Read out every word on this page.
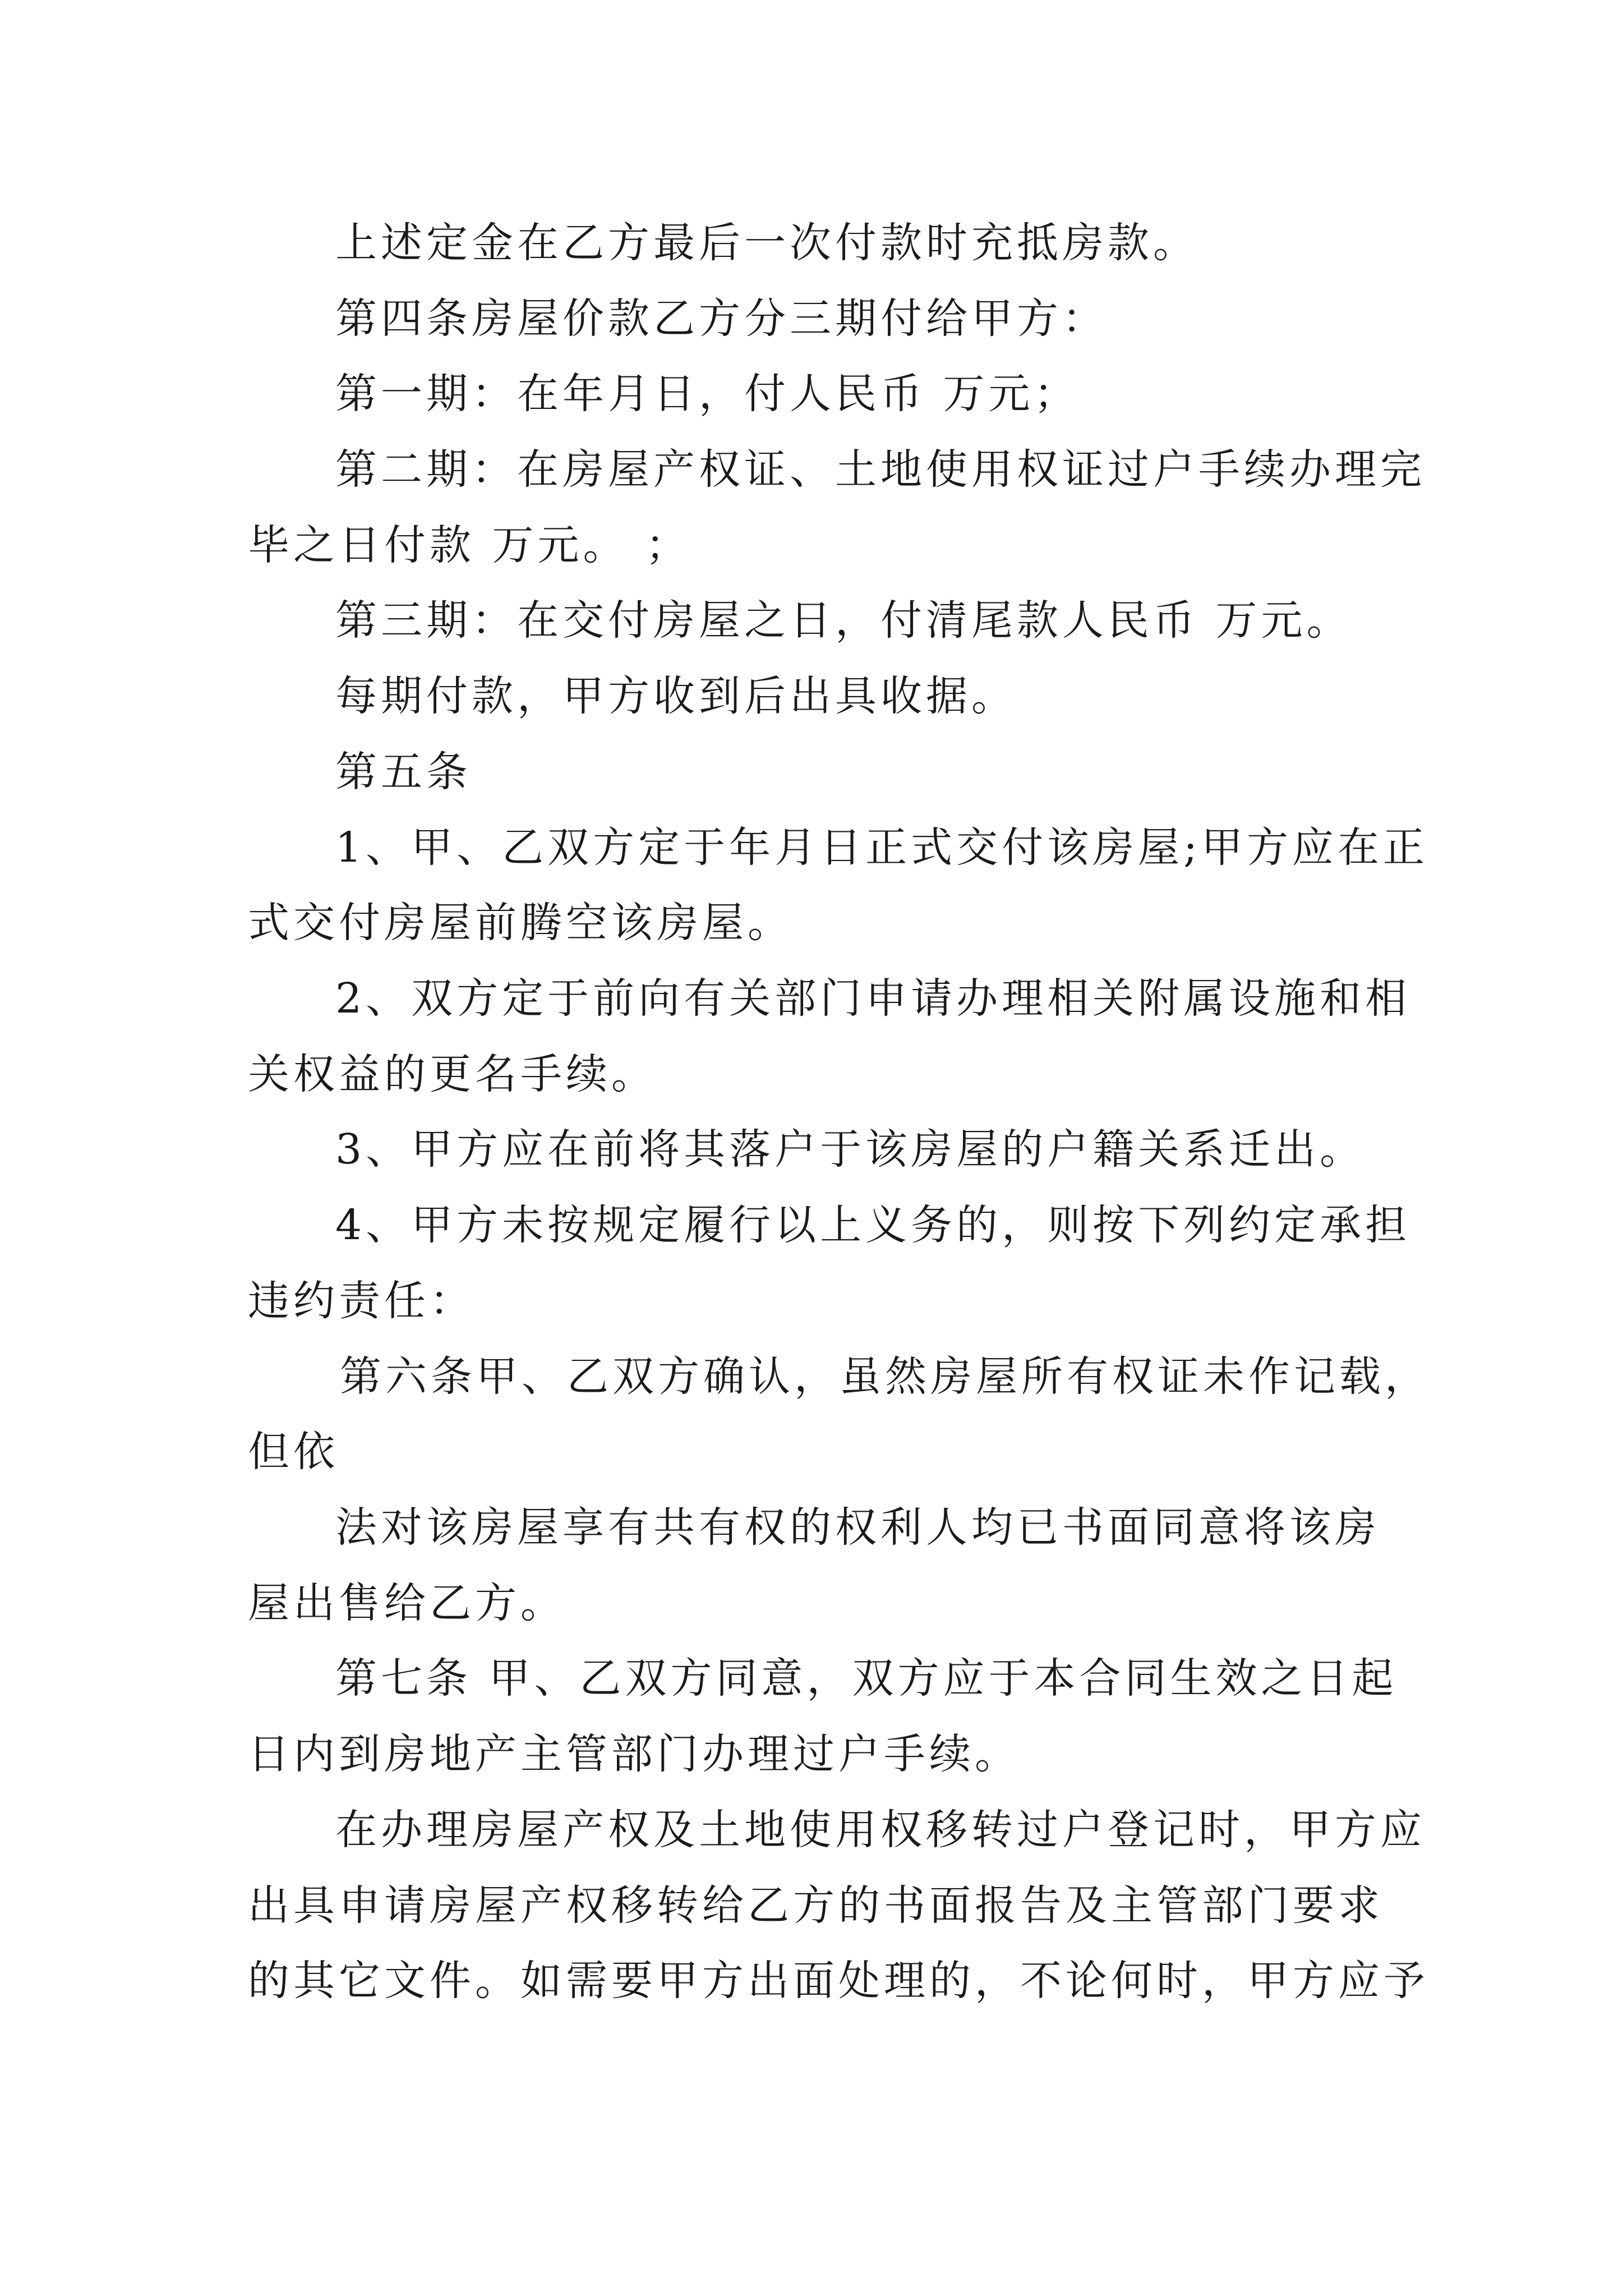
上述定金在乙方最后一次付款时充抵房款。
第四条房屋价款乙方分三期付给甲方：
第一期：在年月日，付人民币 万元；
第二期：在房屋产权证、土地使用权证过户手续办理完
毕之日付款 万元。 ；
第三期：在交付房屋之日，付清尾款人民币 万元。
每期付款，甲方收到后出具收据。
第五条
1、甲、乙双方定于年月日正式交付该房屋;甲方应在正
式交付房屋前腾空该房屋。
2、双方定于前向有关部门申请办理相关附属设施和相
关权益的更名手续。
3、甲方应在前将其落户于该房屋的户籍关系迁出。
4、甲方未按规定履行以上义务的，则按下列约定承担
违约责任：
第六条甲、乙双方确认，虽然房屋所有权证未作记载，
但依
法对该房屋享有共有权的权利人均已书面同意将该房
屋出售给乙方。
第七条 甲、乙双方同意，双方应于本合同生效之日起
日内到房地产主管部门办理过户手续。
在办理房屋产权及土地使用权移转过户登记时，甲方应
出具申请房屋产权移转给乙方的书面报告及主管部门要求
的其它文件。如需要甲方出面处理的，不论何时，甲方应予
